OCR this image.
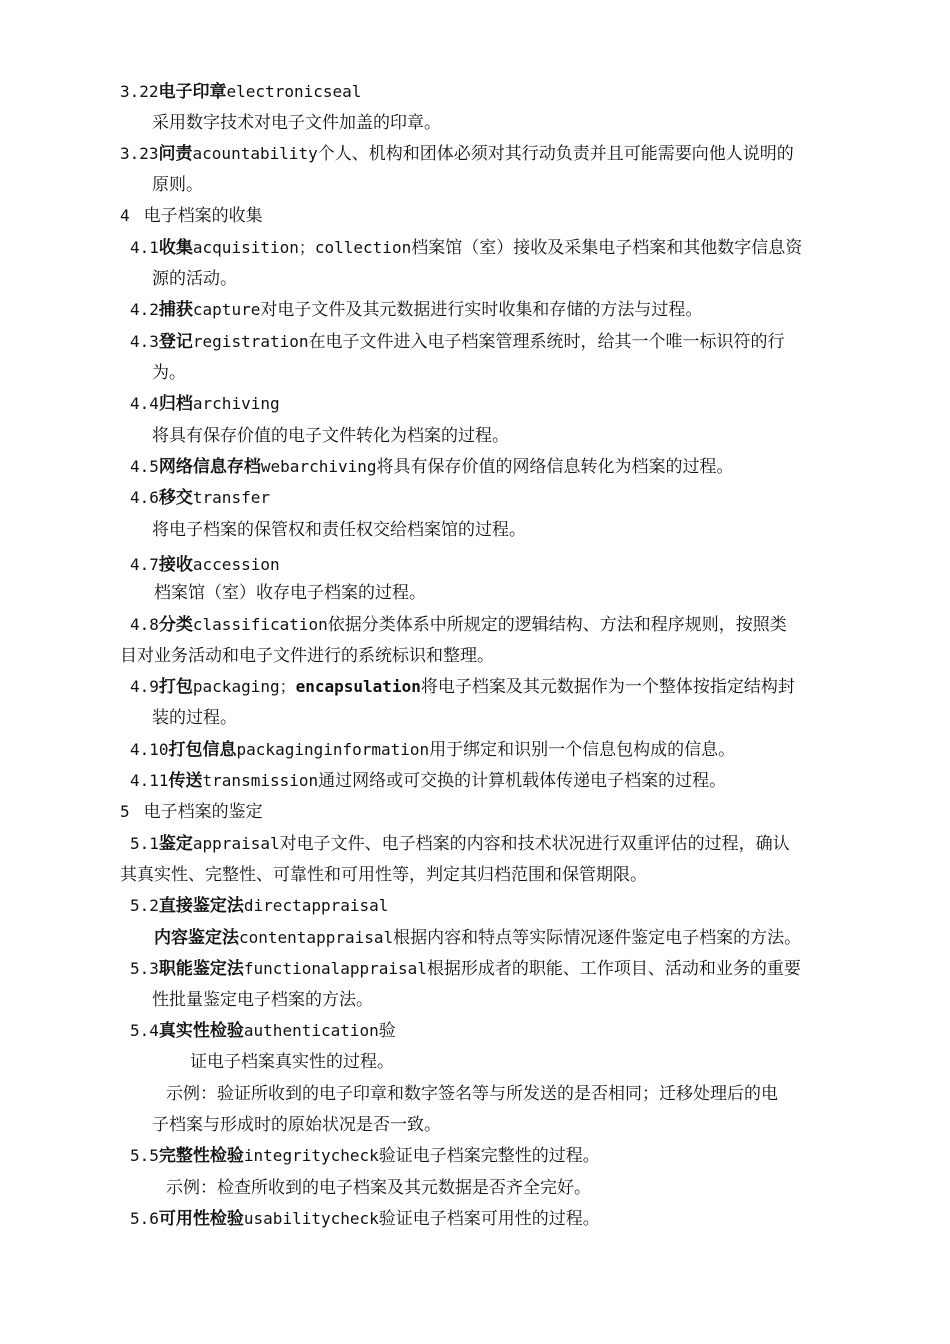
3.22电子印章electronicseal
采用数字技术对电子文件加盖的印章。
3.23问责acountability个人、机构和团体必须对其行动负责并且可能需要向他人说明的
原则。
4 电子档案的收集
4.1收集acquisition；collection档案馆（室）接收及采集电子档案和其他数字信息资
源的活动。
4.2捕获capture对电子文件及其元数据进行实时收集和存储的方法与过程。
4.3登记registration在电子文件进入电子档案管理系统时，给其一个唯一标识符的行
为。
4.4归档archiving
将具有保存价值的电子文件转化为档案的过程。
4.5网络信息存档webarchiving将具有保存价值的网络信息转化为档案的过程。
4.6移交transfer
将电子档案的保管权和责任权交给档案馆的过程。
4.7接收accession
档案馆（室）收存电子档案的过程。
4.8分类classification依据分类体系中所规定的逻辑结构、方法和程序规则，按照类
目对业务活动和电子文件进行的系统标识和整理。
4.9打包packaging；encapsulation将电子档案及其元数据作为一个整体按指定结构封
装的过程。
4.10打包信息packaginginformation用于绑定和识别一个信息包构成的信息。
4.11传送transmission通过网络或可交换的计算机载体传递电子档案的过程。
5 电子档案的鉴定
5.1鉴定appraisal对电子文件、电子档案的内容和技术状况进行双重评估的过程，确认
其真实性、完整性、可靠性和可用性等，判定其归档范围和保管期限。
5.2直接鉴定法directappraisal
内容鉴定法contentappraisal根据内容和特点等实际情况逐件鉴定电子档案的方法。
5.3职能鉴定法functionalappraisal根据形成者的职能、工作项目、活动和业务的重要
性批量鉴定电子档案的方法。
5.4真实性检验authentication验
证电子档案真实性的过程。
示例：验证所收到的电子印章和数字签名等与所发送的是否相同；迁移处理后的电
子档案与形成时的原始状况是否一致。
5.5完整性检验integritycheck验证电子档案完整性的过程。
示例：检查所收到的电子档案及其元数据是否齐全完好。
5.6可用性检验usabilitycheck验证电子档案可用性的过程。
